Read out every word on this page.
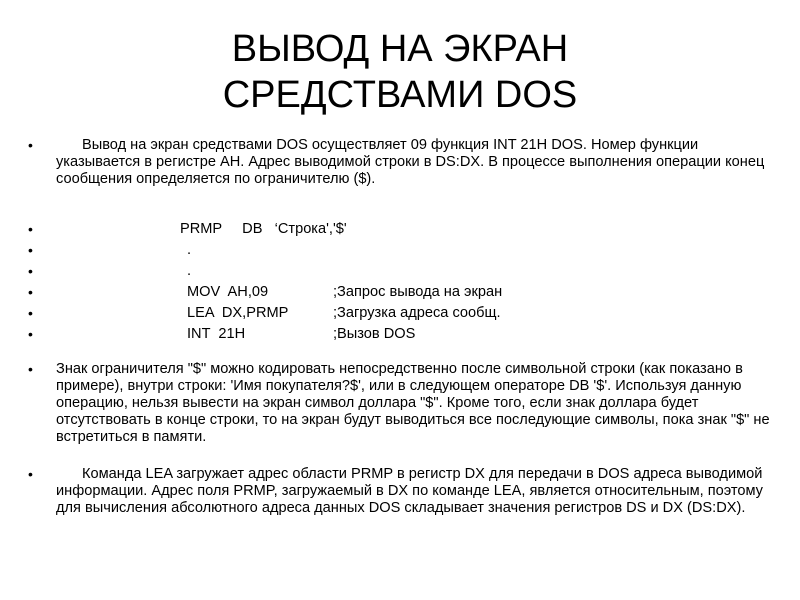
ВЫВОД НА ЭКРАН
СРЕДСТВАМИ DOS
•	Вывод на экран средствами DOS осуществляет 09 функция INT 21H DOS. Номер функции указывается в регистре АН. Адрес выводимой строки в DS:DX. В процессе выполнения операции конец сообщения определяется по ограничителю ($).
•	PRMP     DB   ‘Строка','$'
•	.
•	.
•	MOV  AH,09	;Запрос вывода на экран
•	LEA  DX,PRMP	;Загрузка адреса сообщ.
•	INT  21H	;Вызов DOS
• Знак ограничителя "$" можно кодировать непосредственно после символьной строки (как показано в примере), внутри строки: 'Имя покупателя?$', или в следующем операторе DB '$'. Используя данную операцию, нельзя вывести на экран символ доллара "$". Кроме того, если знак доллара будет отсутствовать в конце строки, то на экран будут выводиться все последующие символы, пока знак "$" не встретиться в памяти.
•	Команда LEA загружает адрес области PRMP в регистр DX для передачи в DOS адреса выводимой информации. Адрес поля PRMP, загружаемый в DX по команде LEA, является относительным, поэтому для вычисления абсолютного адреса данных DOS складывает значения регистров DS и DX (DS:DX).
